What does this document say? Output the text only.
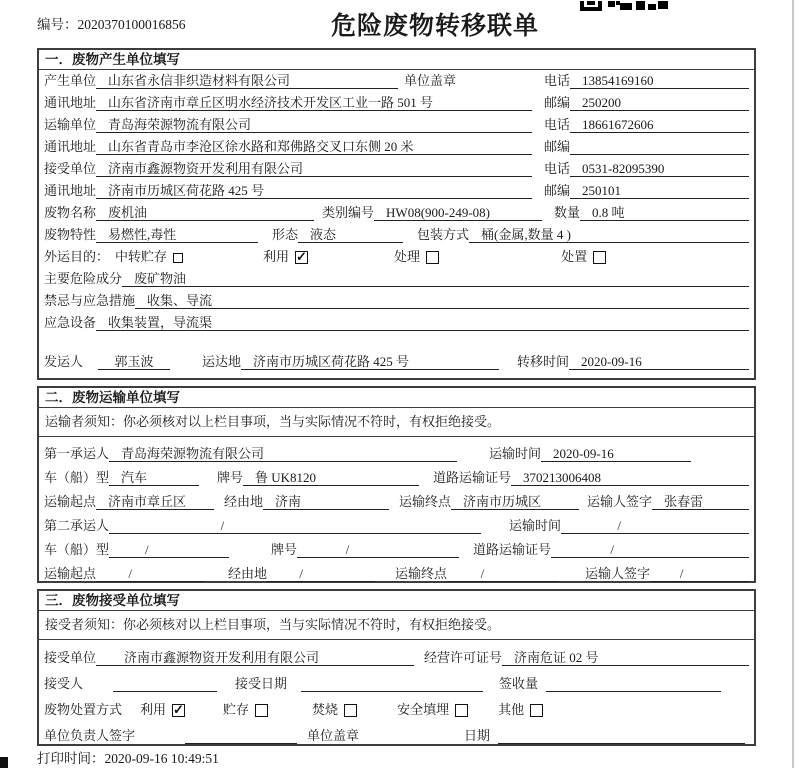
编号：2020370100016856	危险废物转移联单
一．废物产生单位填写
产生单位 山东省永信非织造材料有限公司	单位盖章	电话 13854169160
通讯地址 山东省济南市章丘区明水经济技术开发区工业一路 501 号	邮编 250200
运输单位 青岛海荣源物流有限公司	电话 18661672606
通讯地址 山东省青岛市李沧区徐水路和郑佛路交叉口东侧 20 米	邮编
接受单位 济南市鑫源物资开发利用有限公司	电话 0531-82095390
通讯地址 济南市历城区荷花路 425 号	邮编 250101
废物名称 废机油	类别编号 HW08(900-249-08)	数量 0.8 吨
废物特性 易燃性,毒性	形态 液态	包装方式 桶(金属,数量 4 )
外运目的： 中转贮存	利用 ✓	处理	处置
主要危险成分 废矿物油
禁忌与应急措施 收集、导流
应急设备 收集装置，导流渠
发运人	郭玉波	运达地 济南市历城区荷花路 425 号	转移时间 2020-09-16
二．废物运输单位填写
运输者须知：你必须核对以上栏目事项，当与实际情况不符时，有权拒绝接受。
第一承运人 青岛海荣源物流有限公司	运输时间 2020-09-16
车（船）型 汽车	牌号 鲁 UK8120	道路运输证号 370213006408
运输起点 济南市章丘区	经由地 济南	运输终点 济南市历城区	运输人签字 张春雷
第二承运人	/	运输时间	/
车（船）型	/	牌号	/	道路运输证号	/
运输起点	/	经由地	/	运输终点	/	运输人签字	/
三．废物接受单位填写
接受者须知：你必须核对以上栏目事项，当与实际情况不符时，有权拒绝接受。
接受单位	济南市鑫源物资开发利用有限公司	经营许可证号 济南危证 02 号
接受人	接受日期	签收量
废物处置方式 利用 ✓	贮存	焚烧	安全填埋	其他
单位负责人签字	单位盖章	日期
打印时间：2020-09-16 10:49:51
